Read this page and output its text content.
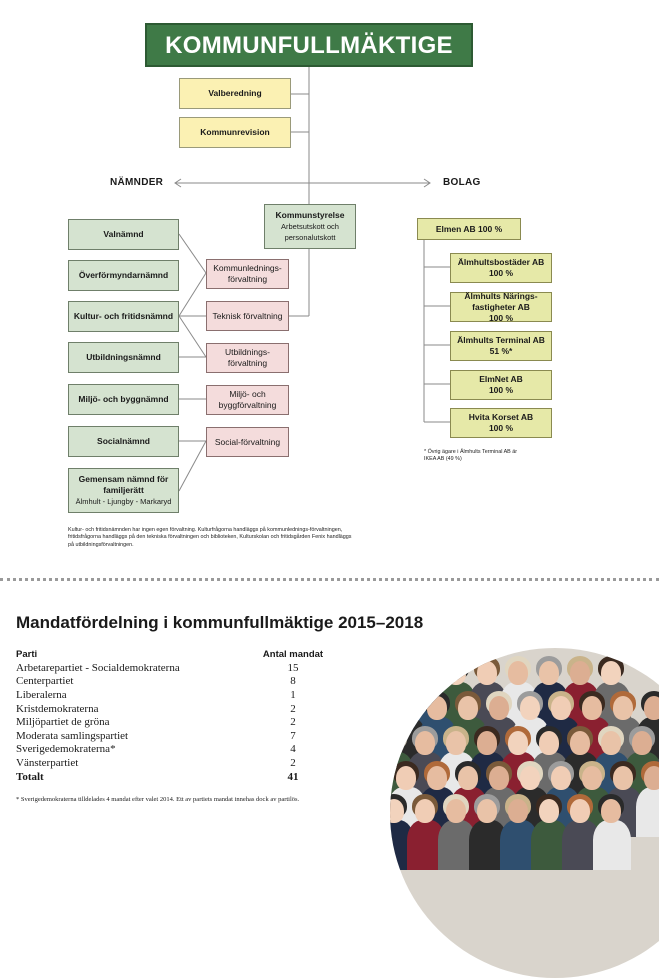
KOMMUNFULLMÄKTIGE
Valberedning
Kommunrevision
NÄMNDER	BOLAG
Kommunstyrelse
Arbetsutskott och personalutskott
Valnämnd
Överförmyndarnämnd
Kultur- och fritidsnämnd
Utbildningsnämnd
Miljö- och byggnämnd
Socialnämnd
Gemensam nämnd för familjerätt
Älmhult - Ljungby - Markaryd
Kommunlednings-förvaltning
Teknisk förvaltning
Utbildnings-förvaltning
Miljö- och byggförvaltning
Social-förvaltning
Elmen AB 100 %
Älmhultsbostäder AB
100 %
Älmhults Närings-fastigheter AB
100 %
Älmhults Terminal AB
51 %*
ElmNet AB
100 %
Hvita Korset AB
100 %
* Övrig ägare i Älmhults Terminal AB är IKEA AB (49 %)
Kultur- och fritidsnämnden har ingen egen förvaltning. Kulturfrågorna handläggs på kommunlednings-förvaltningen, fritidsfrågorna handläggs på den tekniska förvaltningen och biblioteken, Kulturskolan och fritidsgården Fenix handläggs på utbildningsförvaltningen.
Mandatfördelning i kommunfullmäktige 2015–2018
Parti	Antal mandat
Arbetarepartiet - Socialdemokraterna	15
Centerpartiet	8
Liberalerna	1
Kristdemokraterna	2
Miljöpartiet de gröna	2
Moderata samlingspartiet	7
Sverigedemokraterna*	4
Vänsterpartiet	2
Totalt	41
* Sverigedemokraterna tilldelades 4 mandat efter valet 2014. Ett av partiets mandat innehas dock av partilös.
